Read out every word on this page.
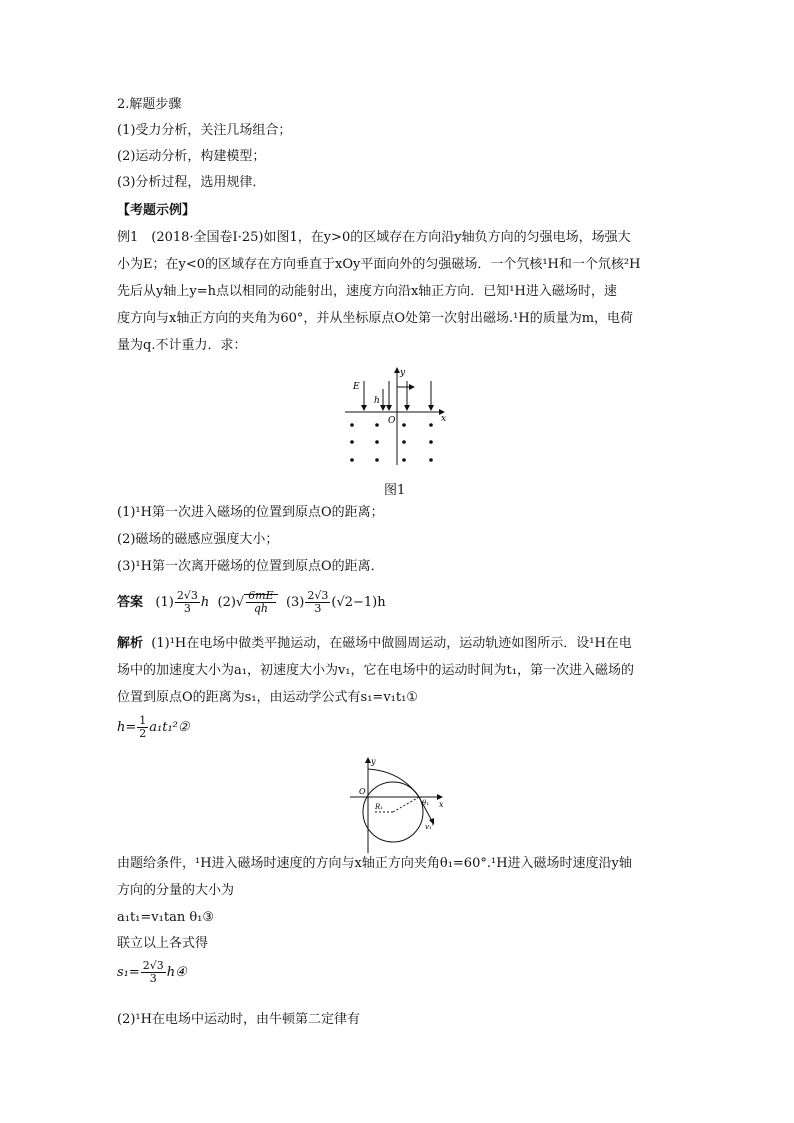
2.解题步骤
(1)受力分析，关注几场组合；
(2)运动分析，构建模型；
(3)分析过程，选用规律．
【考题示例】
例1　(2018·全国卷Ⅰ·25)如图1，在y>0的区域存在方向沿y轴负方向的匀强电场，场强大
小为E；在y<0的区域存在方向垂直于xOy平面向外的匀强磁场．一个氕核¹H和一个氘核²H
先后从y轴上y=h点以相同的动能射出，速度方向沿x轴正方向．已知¹H进入磁场时，速
度方向与x轴正方向的夹角为60°，并从坐标原点O处第一次射出磁场.¹H的质量为m，电荷
量为q.不计重力．求：
E
h
y
x
O
图1
(1)¹H第一次进入磁场的位置到原点O的距离；
(2)磁场的磁感应强度大小；
(3)¹H第一次离开磁场的位置到原点O的距离．
答案 $(1) \frac{2√3}{3}$ h $(2)√ \frac{6mE}{qh} (3) \frac{2√3}{3} (√2-1)h$
解析 (1)¹H在电场中做类平抛运动，在磁场中做圆周运动，运动轨迹如图所示．设¹H在电
场中的加速度大小为a₁，初速度大小为v₁，它在电场中的运动时间为t₁，第一次进入磁场的
位置到原点O的距离为s₁，由运动学公式有s₁=v₁t₁①
$h= \frac{1}{2}$ a₁t₁²②
y
x
O
R₁	θ₁
v₁'
由题给条件，¹H进入磁场时速度的方向与x轴正方向夹角θ₁=60°.¹H进入磁场时速度沿y轴
方向的分量的大小为
a₁t₁=v₁tan θ₁③
联立以上各式得
$s_1= \frac{2√3}{3}$ h④
(2)¹H在电场中运动时，由牛顿第二定律有
